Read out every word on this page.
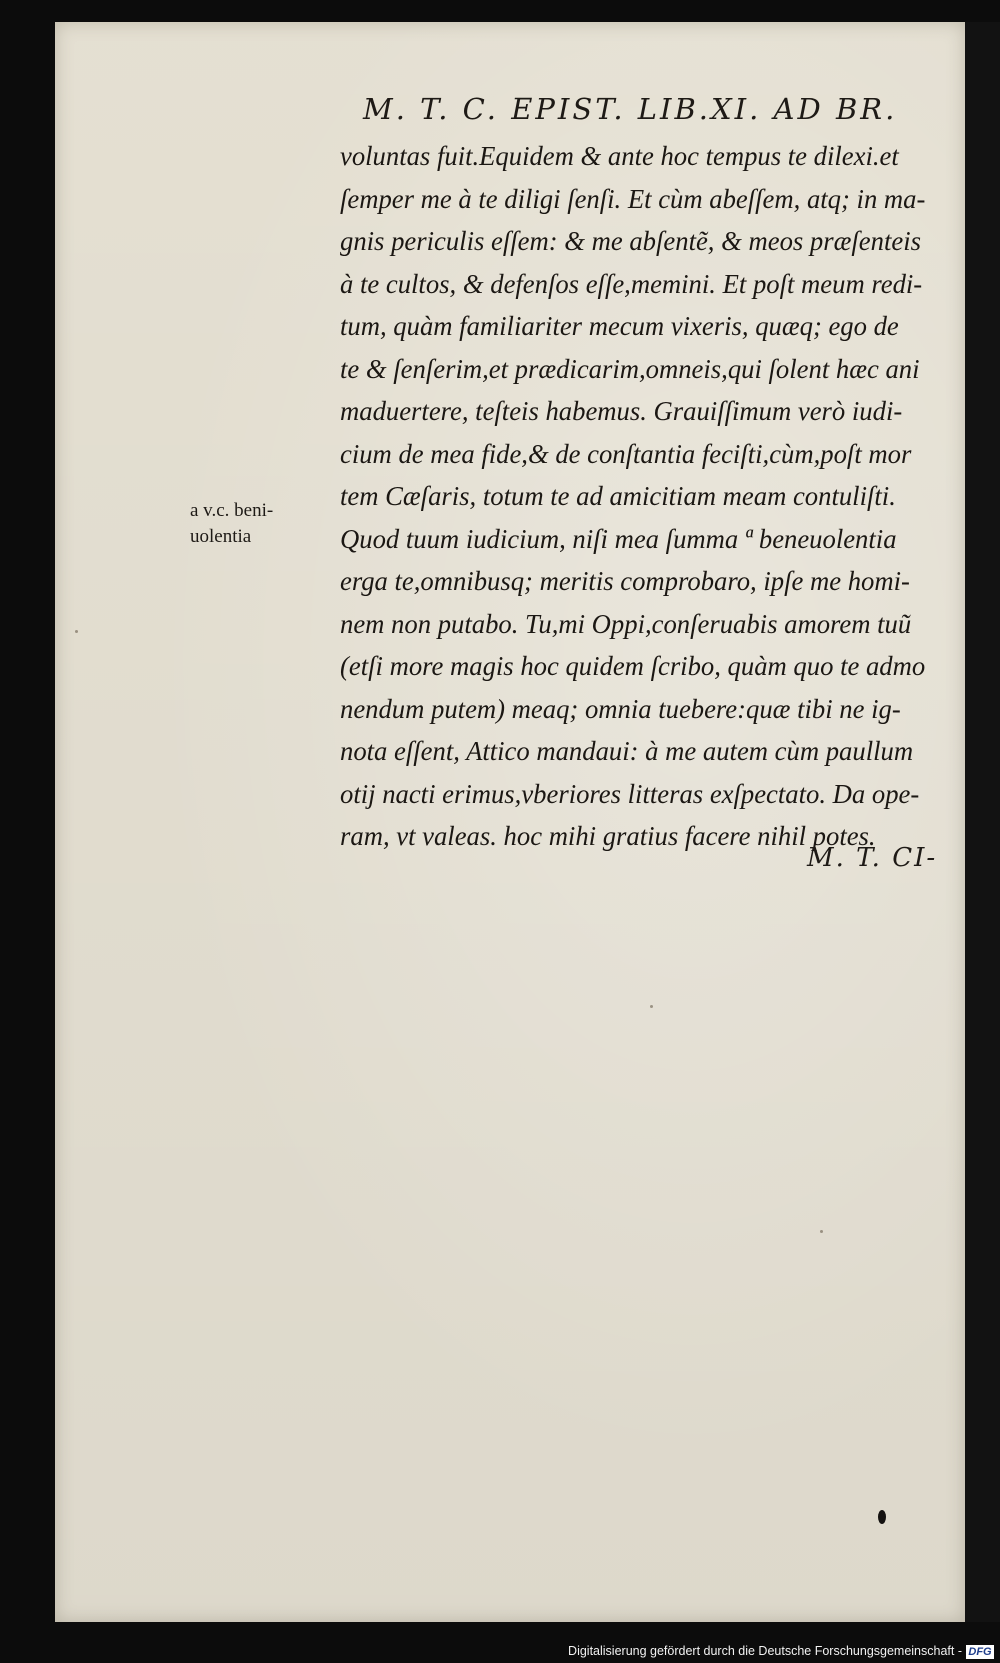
M. T. C. EPIST. LIB.XI. AD BR.
voluntas fuit.Equidem & ante hoc tempus te dilexi.et
ſemper me à te diligi ſenſi. Et cùm abeſſem, atq; in ma-
gnis periculis eſſem: & me abſentẽ, & meos præſenteis
à te cultos, & defenſos eſſe,memini. Et poſt meum redi-
tum, quàm familiariter mecum vixeris, quæq; ego de
te & ſenſerim,et prædicarim,omneis,qui ſolent hæc ani
maduertere, teſteis habemus. Grauiſſimum verò iudi-
cium de mea fide,& de conſtantia feciſti,cùm,poſt mor
tem Cæſaris, totum te ad amicitiam meam contuliſti.
Quod tuum iudicium, niſi mea ſumma ª beneuolentia
erga te,omnibusq; meritis comprobaro, ipſe me homi-
nem non putabo. Tu,mi Oppi,conſeruabis amorem tuũ
(etſi more magis hoc quidem ſcribo, quàm quo te admo
nendum putem) meaq; omnia tuebere:quæ tibi ne ig-
nota eſſent, Attico mandaui: à me autem cùm paullum
otij nacti erimus,vberiores litteras exſpectato. Da ope-
ram, vt valeas. hoc mihi gratius facere nihil potes.
a v.c. beni-
uolentia
M. T. CI-
Digitalisierung gefördert durch die Deutsche Forschungsgemeinschaft - DFG
